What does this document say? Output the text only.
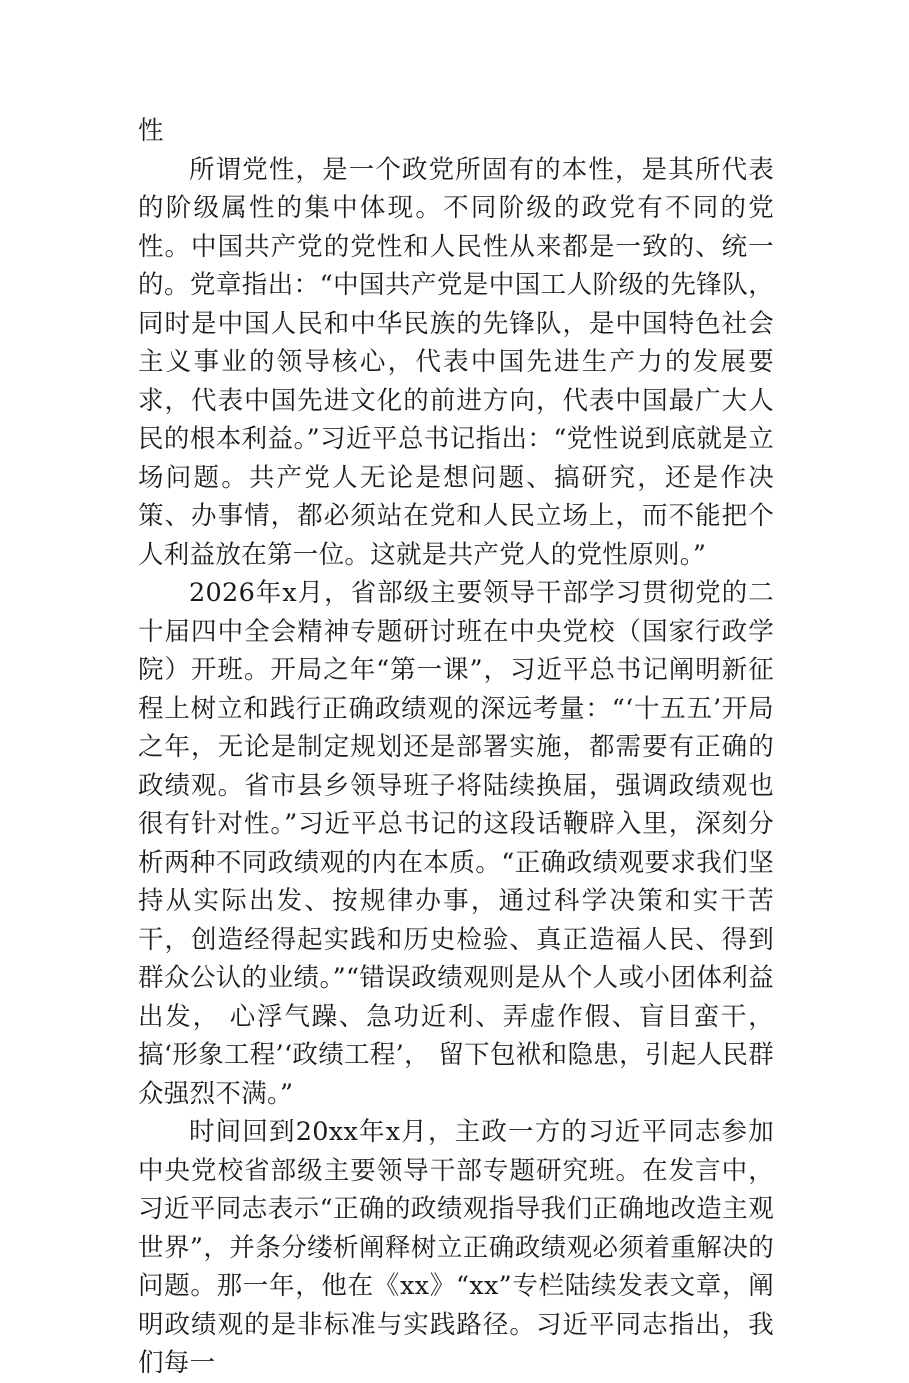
性

所谓党性，是一个政党所固有的本性，是其所代表的阶级属性的集中体现。不同阶级的政党有不同的党性。中国共产党的党性和人民性从来都是一致的、统一的。党章指出：“中国共产党是中国工人阶级的先锋队，同时是中国人民和中华民族的先锋队，是中国特色社会主义事业的领导核心，代表中国先进生产力的发展要求，代表中国先进文化的前进方向，代表中国最广大人民的根本利益。”习近平总书记指出：“党性说到底就是立场问题。共产党人无论是想问题、搞研究，还是作决策、办事情，都必须站在党和人民立场上，而不能把个人利益放在第一位。这就是共产党人的党性原则。”

2026年x月，省部级主要领导干部学习贯彻党的二十届四中全会精神专题研讨班在中央党校（国家行政学院）开班。开局之年“第一课”，习近平总书记阐明新征程上树立和践行正确政绩观的深远考量：“‘十五五’开局之年，无论是制定规划还是部署实施，都需要有正确的政绩观。省市县乡领导班子将陆续换届，强调政绩观也很有针对性。”习近平总书记的这段话鞭辟入里，深刻分析两种不同政绩观的内在本质。“正确政绩观要求我们坚持从实际出发、按规律办事，通过科学决策和实干苦干，创造经得起实践和历史检验、真正造福人民、得到群众公认的业绩。”“错误政绩观则是从个人或小团体利益出发， 心浮气躁、急功近利、弄虚作假、盲目蛮干，搞‘形象工程’‘政绩工程’， 留下包袱和隐患，引起人民群众强烈不满。”

时间回到20xx年x月，主政一方的习近平同志参加中央党校省部级主要领导干部专题研究班。在发言中，习近平同志表示“正确的政绩观指导我们正确地改造主观世界”，并条分缕析阐释树立正确政绩观必须着重解决的问题。那一年，他在《xx》“xx”专栏陆续发表文章，阐明政绩观的是非标准与实践路径。习近平同志指出，我们每一
